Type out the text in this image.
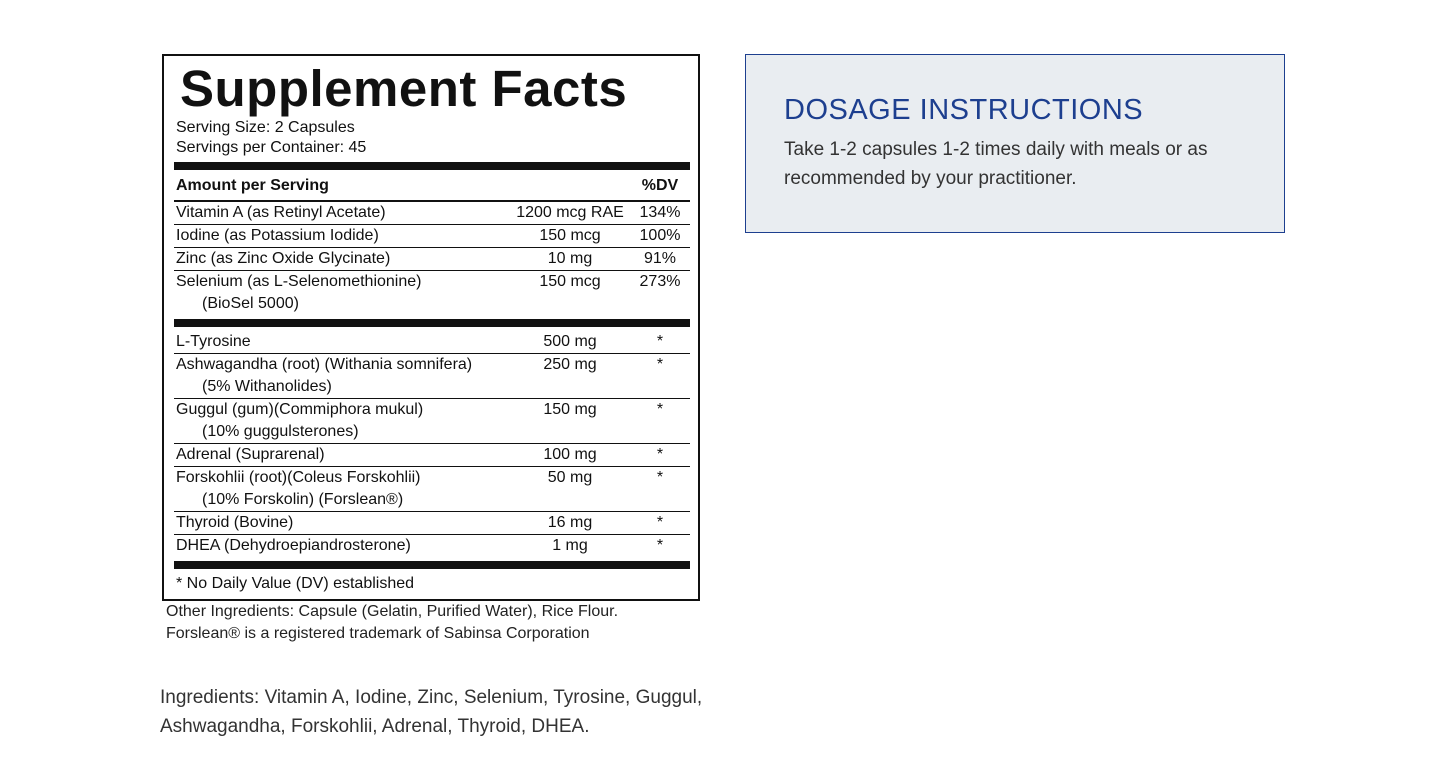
Supplement Facts
Serving Size: 2 Capsules
Servings per Container: 45
Amount per Serving	%DV
Vitamin A (as Retinyl Acetate)	1200 mcg RAE 134%
Iodine (as Potassium Iodide)	150 mcg	100%
Zinc (as Zinc Oxide Glycinate)	10 mg	91%
Selenium (as L-Selenomethionine)
(BioSel 5000)
150 mcg	273%
L-Tyrosine	500 mg	*
Ashwagandha (root) (Withania somnifera)
(5% Withanolides)
250 mg	*
Guggul (gum)(Commiphora mukul)
(10% guggulsterones)
150 mg	*
Adrenal (Suprarenal)	100 mg	*
Forskohlii (root)(Coleus Forskohlii)
(10% Forskolin) (Forslean®)
50 mg	*
Thyroid (Bovine)	16 mg	*
DHEA (Dehydroepiandrosterone)	1 mg	*
* No Daily Value (DV) established
Other Ingredients: Capsule (Gelatin, Purified Water), Rice Flour.
Forslean® is a registered trademark of Sabinsa Corporation
Ingredients: Vitamin A, Iodine, Zinc, Selenium, Tyrosine, Guggul, Ashwagandha, Forskohlii, Adrenal, Thyroid, DHEA.
DOSAGE INSTRUCTIONS

Take 1-2 capsules 1-2 times daily with meals or as recommended by your practitioner.
